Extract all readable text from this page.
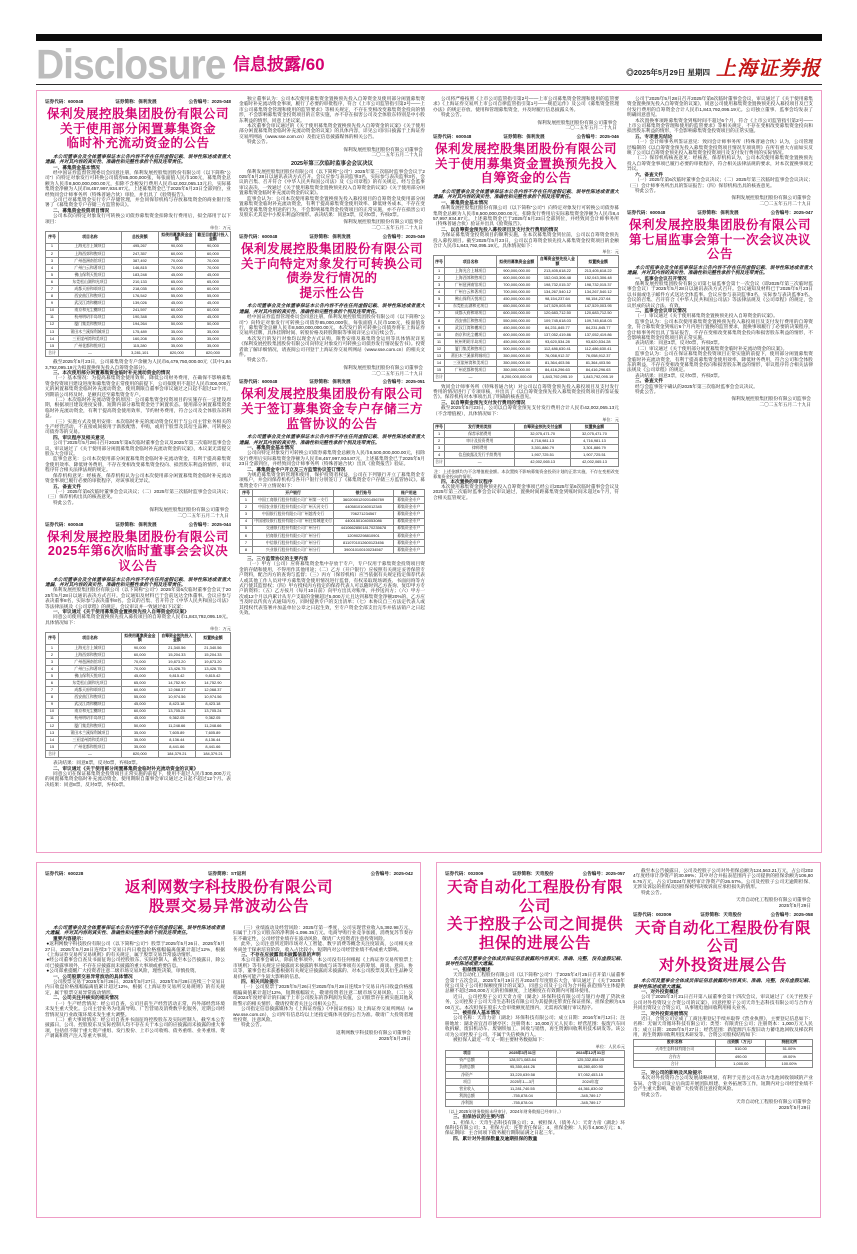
Disclosure 信息披露/60	◎2025年5月29日 星期四 上海证券报
证券代码：600048	证券简称：保利发展	公告编号：2025-048
保利发展控股集团股份有限公司
关于使用部分闲置募集资金
临时补充流动资金的公告
本公司董事会及全体董事保证本公告内容不存在任何虚假记载、误导性陈述或者重大遗漏，并对其内容的真实性、准确性和完整性承担个别及连带责任。
一、募集资金基本情况
经中国证券监督管理委员会同意注册，保利发展控股集团股份有限公司（以下简称“公司”）向特定对象发行可转换公司债券85,000,000张，每张面值人民币100元，募集资金总额为人民币8,500,000,000.00元，扣除不含税发行费用人民币42,002,065.13元后，实际募集资金净额为人民币8,457,997,934.87元。上述募集资金已于2025年5月23日全部到位，业经致同会计师事务所（特殊普通合伙）审验，并出具了《验资报告》。
公司已对募集资金实行专户存储管理，并会同保荐机构与存放募集资金的商业银行签署了《募集资金专户存储三方监管协议》。
二、募集资金投资项目情况
公司本次向特定对象发行可转换公司债券募集资金扣除发行费用后，拟全部用于以下项目：
单位：万元
序号	项目名称	总投资额	拟使用募集资金金额	截至目前累计投入金额
1	上海光合上城项目	495,267	90,000	90,000
2	上海西郊和煦项目	247,357	60,000	60,000
3	广州琶洲南馆项目	387,492	70,000	70,000
4	广州白云和著项目	146,815	70,000	70,000
5	佛山保利天悦项目	183,248	45,000	45,000
6	东莞松山湖和光项目	210,133	65,000	65,000
7	成都天府和颂项目	218,035	60,000	60,000
8	西安曲江和煦项目	176,542	55,000	55,000
9	武汉江湾和樾项目	139,026	45,000	45,000
10	南京和光尘樾项目	241,597	60,000	60,000
11	杭州明玥半岛项目	190,348	45,000	45,000
12	厦门集美和煦项目	194,264	50,000	50,000
13	莆田木兰溪保利城项目	175,489	35,000	35,000
14	三亚崖州湾和美项目	160,208	35,000	35,000
15	广州花都和悦项目	115,280	35,000	35,000
合计	—	3,281,101	820,000	820,000
截至2025年5月23日，公司募集资金专户余额为人民币6,479,750,000.00元（其中1,843,792,095.19元为拟置换预先投入自筹资金部分）。
三、本次使用部分闲置募集资金临时补充流动资金的情况
（一）基本情况：为提高募集资金使用效率，降低公司财务费用，在确保不影响募集资金投资项目建设进度和募集资金正常使用的前提下，公司拟使用不超过人民币300,000万元的闲置募集资金临时补充流动资金，使用期限自董事会审议通过之日起不超过12个月，到期前公司将及时、足额归还至募集资金专户。
（二）本次临时补充流动资金的原因：公司募集资金投资项目的实施存在一定建设周期，根据项目建设进度安排，短期内部分募集资金处于闲置状态。使用部分闲置募集资金临时补充流动资金，有利于提高资金使用效率，节约财务费用，符合公司及全体股东的利益。
（三）实施方式及使用安排：本次临时补充的流动资金仅用于与公司主营业务相关的生产经营活动，不直接或间接用于新股配售、申购，或用于股票及其衍生品种、可转换公司债券等的交易。
四、审议程序及相关意见
公司于2025年5月28日召开2025年第6次临时董事会会议及2025年第三次临时监事会会议，审议通过了《关于使用部分闲置募集资金临时补充流动资金的议案》，本议案无需提交股东大会审议。
监事会意见：公司本次使用部分闲置募集资金临时补充流动资金，有利于提高募集资金使用效率、降低财务费用，不存在变相改变募集资金投向、损害股东利益的情形，审议程序符合相关法律法规的规定。
保荐机构意见：经核查，保荐机构认为公司本次使用部分闲置募集资金临时补充流动资金事项已履行必要的审批程序，对该事项无异议。
五、备查文件
（一）2025年第6次临时董事会会议决议；（二）2025年第三次临时监事会会议决议；（三）保荐机构出具的核查意见。
特此公告。
保利发展控股集团股份有限公司董事会
二〇二五年五月二十九日
证券代码：600048	证券简称：保利发展	公告编号：2025-044
保利发展控股集团股份有限公司
2025年第6次临时董事会会议决议公告
本公司董事会及全体董事保证本公告内容不存在任何虚假记载、误导性陈述或者重大遗漏，并对其内容的真实性、准确性和完整性承担个别及连带责任。
保利发展控股集团股份有限公司（以下简称“公司”）2025年第6次临时董事会会议于2025年5月28日以通讯表决方式召开。会议通知及材料已于会前送达全体董事。会议应参与表决董事8名，实际参与表决董事8名。会议的召集、召开符合《中华人民共和国公司法》等法律法规及《公司章程》的规定，会议审议并一致通过如下议案：
一、审议通过《关于使用募集资金置换预先投入自筹资金的议案》
同意公司使用募集资金置换预先投入募投项目的自筹资金人民币1,843,792,095.19元。具体情况如下：
单位：万元
序号	项目名称	拟使用募集资金金额	自筹资金预先投入金额	拟置换金额
1	上海光合上城项目	90,000	21,340.56	21,340.56
2	上海西郊和煦项目	60,000	15,204.33	15,204.33
3	广州琶洲南馆项目	70,000	19,873.20	19,873.20
4	广州白云和著项目	70,000	13,426.75	13,426.75
5	佛山保利天悦项目	45,000	9,815.42	9,815.42
6	东莞松山湖和光项目	65,000	14,752.90	14,752.90
7	成都天府和颂项目	60,000	12,068.37	12,068.37
8	西安曲江和煦项目	55,000	10,974.56	10,974.56
9	武汉江湾和樾项目	45,000	8,423.18	8,423.18
10	南京和光尘樾项目	60,000	13,705.24	13,705.24
11	杭州明玥半岛项目	45,000	9,362.05	9,362.05
12	厦门集美和煦项目	50,000	11,248.66	11,248.66
13	莆田木兰溪保利城项目	35,000	7,605.89	7,605.89
14	三亚崖州湾和美项目	35,000	8,136.44	8,136.44
15	广州花都和悦项目	35,000	8,441.66	8,441.66
合计	—	820,000	184,379.21	184,379.21
表决结果：同意8票，反对0票，弃权0票。
二、审议通过《关于使用部分闲置募集资金临时补充流动资金的议案》
同意公司在保证募集资金投资项目正常实施的前提下，使用不超过人民币300,000万元的闲置募集资金临时补充流动资金，使用期限自董事会审议通过之日起不超过12个月。表决结果：同意8票，反对0票，弃权0票。
独立董事认为：公司本次使用募集资金置换预先投入自筹资金及使用部分闲置募集资金临时补充流动资金事项，履行了必要的审批程序，符合《上市公司监管指引第2号——上市公司募集资金管理和使用的监管要求》等相关规定，不存在变相改变募集资金投向的情形，不会影响募集资金投资项目的正常实施，亦不存在损害公司及全体股东特别是中小股东利益的情形，同意上述议案。
本次董事会审议通过的《关于使用募集资金置换预先投入自筹资金的议案》《关于使用部分闲置募集资金临时补充流动资金的议案》的具体内容，详见公司同日披露于上海证券交易所网站（www.sse.com.cn）及指定信息披露媒体的相关公告。
特此公告。
保利发展控股集团股份有限公司董事会
二〇二五年五月二十九日
2025年第三次临时监事会会议决议
保利发展控股集团股份有限公司（以下简称“公司”）2025年第三次临时监事会会议于2025年5月28日以通讯表决方式召开。会议应参与表决监事3名，实际参与表决监事3名，会议的召集、召开符合《中华人民共和国公司法》及《公司章程》的有关规定。经与会监事审议表决，一致通过《关于使用募集资金置换预先投入自筹资金的议案》《关于使用部分闲置募集资金临时补充流动资金的议案》。
监事会认为：公司本次使用募集资金置换预先投入募投项目的自筹资金及使用部分闲置募集资金临时补充流动资金，有利于提高募集资金使用效率、降低财务成本，不存在变相改变募集资金用途的行为，不会影响募集资金投资项目的正常实施，亦不存在损害公司及股东尤其是中小股东利益的情形。表决结果：同意3票，反对0票，弃权0票。
保利发展控股集团股份有限公司监事会
二〇二五年五月二十九日
证券代码：600048	证券简称：保利发展	公告编号：2025-049
保利发展控股集团股份有限公司
关于向特定对象发行可转换公司债券发行情况的
提示性公告
本公司董事会及全体董事保证本公告内容不存在任何虚假记载、误导性陈述或者重大遗漏，并对其内容的真实性、准确性和完整性承担个别及连带责任。
经中国证券监督管理委员会同意注册，保利发展控股集团股份有限公司（以下简称“公司”）向特定对象发行可转换公司债券85,000,000张，每张面值人民币100元，按面值发行，募集资金总额人民币8,500,000,000.00元。本次发行的可转换公司债券将在上海证券交易所挂牌，具体挂牌时间、转股价格及转股期限等事项详见公司后续公告。
本次发行的发行对象均以现金方式认购，限售安排及募集资金运用等具体情况详见《保利发展控股集团股份有限公司向特定对象发行可转换公司债券发行情况报告书》。投资者欲了解详细情况，请查阅公司刊登于上海证券交易所网站（www.sse.com.cn）的相关文件。
特此公告。
保利发展控股集团股份有限公司董事会
二〇二五年五月二十九日
证券代码：600048	证券简称：保利发展	公告编号：2025-051
保利发展控股集团股份有限公司
关于签订募集资金专户存储三方监管协议的公告
本公司董事会及全体董事保证本公告内容不存在任何虚假记载、误导性陈述或者重大遗漏，并对其内容的真实性、准确性和完整性承担个别及连带责任。
一、募集资金基本情况
公司向特定对象发行可转换公司债券募集资金总额为人民币8,500,000,000.00元，扣除发行费用后实际募集资金净额为人民币8,457,997,934.87元，上述募集资金已于2025年5月23日全部到位，并经致同会计师事务所（特殊普通合伙）出具《验资报告》验证。
二、募集资金专户开立及三方监管协议签订情况
为规范募集资金的管理和使用，保护投资者权益，公司在下列银行开立了募集资金专项账户，并会同保荐机构与各开户银行分别签订了《募集资金专户存储三方监管协议》。募集资金专户开立情况如下：
序号	开户银行	银行账号	账户用途
1	中国工商银行股份有限公司广州第一支行	3602000129201456789	募集资金专户
2	中国农业银行股份有限公司广州天河支行	44058101040012345	募集资金专户
3	中国银行股份有限公司广州越秀支行	706271234567	募集资金专户
4	中国建设银行股份有限公司广州住房城建支行	44001501040053086	募集资金专户
5	交通银行股份有限公司广州分行	441066285018170235678	募集资金专户
6	招商银行股份有限公司广州分行	120902298810901	募集资金专户
7	中信银行股份有限公司广州分行	8110701012600123456	募集资金专户
8	兴业银行股份有限公司广州分行	390010100100234567	募集资金专户
三、三方监管协议的主要内容
（一）甲方（公司）应将募集资金集中存放于专户，专户仅用于募集资金投资项目资金的存储和使用，不得用作其他用途；（二）乙方（开户银行）应按照有关规定妥善保管专户资料，配合丙方的查询与监督；（三）丙方（保荐机构）应当依据有关规定指定保荐代表人或其他工作人员对甲方募集资金使用情况进行监督，有权采取现场调查、书面问询等方式行使其监督权；（四）甲方授权丙方指定的保荐代表人可以随时到乙方查询、复印甲方专户的资料；（五）乙方按月（每月10日前）向甲方出具对账单，并抄送丙方；（六）甲方一次或12个月以内累计从专户支取的金额超过5,000万元且达到募集资金净额20%的，乙方应当及时以传真方式通知丙方，同时提供专户的支出清单；（七）本协议自三方法定代表人或其授权代表签署并加盖单位公章之日起生效，至专户资金全部支出完毕并依法销户之日起失效。
公司将严格按照《上市公司监管指引第2号——上市公司募集资金管理和使用的监管要求》《上海证券交易所上市公司自律监管指引第1号——规范运作》及公司《募集资金管理办法》的规定存放、使用和管理募集资金，并及时履行信息披露义务。
特此公告。
保利发展控股集团股份有限公司董事会
二〇二五年五月二十九日
证券代码：600048	证券简称：保利发展	公告编号：2025-046
保利发展控股集团股份有限公司
关于使用募集资金置换预先投入自筹资金的公告
本公司董事会及全体董事保证本公告内容不存在任何虚假记载、误导性陈述或者重大遗漏，并对其内容的真实性、准确性和完整性承担个别及连带责任。
一、募集资金基本情况
保利发展控股集团股份有限公司（以下简称“公司”）向特定对象发行可转换公司债券募集资金总额为人民币8,500,000,000.00元，扣除发行费用后实际募集资金净额为人民币8,457,997,934.87元。上述募集资金已于2025年5月23日全部到位，并经致同会计师事务所（特殊普通合伙）验证并出具《验资报告》。
二、以自筹资金预先投入募投项目及支付发行费用的情况
为保证募集资金投资项目的顺利实施，在本次募集资金到位前，公司以自筹资金预先投入募投项目。截至2025年5月23日，公司以自筹资金预先投入募集资金投资项目的金额合计人民币1,843,792,095.19元。具体情况如下：
单位：元
序号	项目名称	拟使用募集资金金额	自筹资金预先投入金额	拟置换金额
1	上海光合上城项目	900,000,000.00	213,405,618.22	213,405,618.22
2	上海西郊和煦项目	600,000,000.00	152,043,306.48	152,043,306.48
3	广州琶洲南馆项目	700,000,000.00	198,732,015.37	198,732,015.37
4	广州白云和著项目	700,000,000.00	134,267,540.12	134,267,540.12
5	佛山保利天悦项目	450,000,000.00	98,154,237.64	98,154,237.64
6	东莞松山湖和光项目	650,000,000.00	147,529,003.95	147,529,003.95
7	成都天府和颂项目	600,000,000.00	120,683,712.50	120,683,712.50
8	西安曲江和煦项目	550,000,000.00	109,745,618.03	109,745,618.03
9	武汉江湾和樾项目	450,000,000.00	84,231,845.77	84,231,845.77
10	南京和光尘樾项目	600,000,000.00	137,052,419.86	137,052,419.86
11	杭州明玥半岛项目	450,000,000.00	93,620,534.28	93,620,534.28
12	厦门集美和煦项目	500,000,000.00	112,486,630.41	112,486,630.41
13	莆田木兰溪保利城项目	350,000,000.00	76,058,912.37	76,058,912.37
14	三亚崖州湾和美项目	350,000,000.00	81,364,403.56	81,364,403.56
15	广州花都和悦项目	350,000,000.00	84,416,296.63	84,416,296.63
合计	—	8,200,000,000.00	1,843,792,095.19	1,843,792,095.19
致同会计师事务所（特殊普通合伙）对公司以自筹资金预先投入募投项目及支付发行费用的情况进行了专项审核，并出具了《以自筹资金预先投入募集资金投资项目的鉴证报告》。保荐机构对本事项出具了明确的核查意见。
三、以自筹资金预先支付发行费用的情况
截至2025年5月23日，公司以自筹资金预先支付发行费用合计人民币42,002,065.13元（不含增值税），具体情况如下：
单位：元
序号	发行费用类别	自筹资金预先支付金额	拟置换金额
1	保荐承销费用	32,075,471.70	32,075,471.70
2	审计及验资费用	4,716,981.13	4,716,981.13
3	律师费用	3,301,886.79	3,301,886.79
4	信息披露及发行手续费用	1,907,725.51	1,907,725.51
合计	—	42,002,065.13	42,002,065.13
注：上述金额均为不含增值税金额。本次置换不影响募集资金投资计划的正常实施，不存在变相改变募集资金投向的情形。
四、本次置换的审议程序
本次使用募集资金置换预先投入自筹资金事项已经公司2025年第6次临时董事会会议及2025年第三次临时监事会会议审议通过，置换时间距募集资金到账时间未超过6个月，符合相关监管规定。
公司于2025年5月28日召开2025年第6次临时董事会会议，审议通过了《关于使用募集资金置换预先投入自筹资金的议案》，同意公司使用募集资金置换预先投入募投项目及已支付发行费用的自筹资金合计人民币1,843,792,095.19元。公司独立董事、监事会均发表了明确同意意见。
本次置换事项距募集资金到账时间不超过6个月，符合《上市公司监管指引第2号——上市公司募集资金管理和使用的监管要求》等相关规定，不存在变相改变募集资金投向和损害股东利益的情形，不会影响募集资金投资项目的正常实施。
五、专项意见结论
（一）会计师事务所鉴证意见：致同会计师事务所（特殊普通合伙）认为，公司管理层编制的《以自筹资金预先投入募集资金投资项目情况专项说明》在所有重大方面如实反映了公司以自筹资金预先投入募集资金投资项目及支付发行费用的实际情况。
（二）保荐机构核查意见：经核查，保荐机构认为，公司本次使用募集资金置换预先投入自筹资金事项已履行必要的审批程序，符合相关法律法规的要求，对本次置换事项无异议。
六、备查文件
（一）2025年第6次临时董事会会议决议；（二）2025年第三次临时监事会会议决议；（三）会计师事务所出具的鉴证报告；（四）保荐机构出具的核查意见。
特此公告。
保利发展控股集团股份有限公司董事会
二〇二五年五月二十九日
证券代码：600048	证券简称：保利发展	公告编号：2025-047
保利发展控股集团股份有限公司
第七届监事会第十一次会议决议公告
本公司监事会及全体监事保证本公告内容不存在任何虚假记载、误导性陈述或者重大遗漏，并对其内容的真实性、准确性和完整性承担个别及连带责任。
一、监事会会议召开情况
保利发展控股集团股份有限公司第七届监事会第十一次会议（即2025年第三次临时监事会会议）于2025年5月28日以通讯表决方式召开。会议通知及材料已于2025年5月23日以书面或电子邮件方式送达全体监事。会议应参与表决监事3名，实际参与表决监事3名。会议的召集、召开符合《中华人民共和国公司法》等法律法规及《公司章程》的规定，会议形成的决议合法、有效。
二、监事会会议审议情况
（一）审议通过《关于使用募集资金置换预先投入自筹资金的议案》。
监事会认为：公司本次使用募集资金置换预先投入募投项目及支付发行费用的自筹资金，符合募集资金到账后6个月内进行置换的监管要求，置换事项履行了必要的决策程序，会计师事务所出具了鉴证报告，不存在变相改变募集资金投向和损害股东利益的情形，不会影响募集资金投资项目的正常实施。
表决结果：同意3票，反对0票，弃权0票。
（二）审议通过《关于使用部分闲置募集资金临时补充流动资金的议案》。
监事会认为：公司在保证募集资金投资项目正常实施的前提下，使用部分闲置募集资金临时补充流动资金，有利于提高募集资金使用效率，降低财务费用，符合公司和全体股东的利益，不存在变相改变募集资金投向和损害股东利益的情形，审议程序符合相关法律法规及《公司章程》的规定。
表决结果：同意3票，反对0票，弃权0票。
三、备查文件
经与会监事签字确认的2025年第三次临时监事会会议决议。
特此公告。
保利发展控股集团股份有限公司监事会
二〇二五年五月二十九日
证券代码：600228	证券简称：ST返利	公告编号：2025-042
返利网数字科技股份有限公司
股票交易异常波动公告
本公司董事会及全体董事保证本公告内容不存在任何虚假记载、误导性陈述或者重大遗漏，并对其内容的真实性、准确性和完整性承担个别及连带责任。
重要内容提示：
●返利网数字科技股份有限公司（以下简称“公司”）股票于2025年5月26日、2025年5月27日、2025年5月28日连续3个交易日内日收盘价格涨幅偏离值累计超过12%，根据《上海证券交易所交易规则》的有关规定，属于股票交易异常波动情形。
●经公司董事会自查及书面征询公司控股股东、实际控制人，截至本公告披露日，除公司已披露事项外，不存在应披露而未披露的重大事项或重要信息。
●公司郑重提醒广大投资者注意二级市场交易风险，理性决策，审慎投资。
一、公司股票交易异常波动的具体情况
公司股票交易于2025年5月26日、2025年5月27日、2025年5月28日连续三个交易日内日收盘价格涨幅偏离值累计超过12%，根据《上海证券交易所交易规则》的有关规定，属于股票交易异常波动情形。
二、公司关注并核实的相关情况
（一）生产经营情况：经公司自查，公司目前生产经营活动正常，内外部经营环境未发生重大变化。公司主营业务为电商导购、广告营销及消费数字化服务，近期公司经营情况及行业政策环境未发生重大调整。
（二）重大事项情况：经公司自查并书面征询控股股东及实际控制人，截至本公告披露日，公司、控股股东及实际控制人均不存在关于本公司的应披露而未披露的重大事项，包括但不限于重大资产重组、发行股份、上市公司收购、债务重组、业务重组、资产剥离和资产注入等重大事项。
（三）业绩波动及经营风险：2025年第一季度，公司实现营业收入5,392.98万元，归属于上市公司股东的净利润-1,096.35万元。电商导购行业竞争加剧，消费复苏节奏存在不确定性，公司经营业绩存在波动风险，敬请广大投资者注意投资风险。
此外，公司注意到近期市场对人工智能、数字消费等概念关注度较高，公司相关业务尚处于探索培育阶段，收入占比较小，短期内对公司经营业绩不构成重大影响。
三、不存在应披露而未披露信息的声明
本公司董事会确认，除前述事项外，本公司没有任何根据《上海证券交易所股票上市规则》等有关规定应披露而未披露的事项或与该等事项有关的筹划、商谈、意向、协议等，董事会也未获悉根据有关规定应披露而未披露的、对本公司股票及其衍生品种交易价格可能产生较大影响的信息。
四、相关风险提示
（一）公司股票于2025年5月26日至2025年5月28日连续3个交易日内日收盘价格涨幅偏离值累计超过12%，短期涨幅较大，敬请投资者注意二级市场交易风险。（二）公司2024年度经审计的归属于上市公司股东的净利润为负值，公司股票存在被实施其他风险警示的相关情形，敬请投资者关注公司相关公告。
公司指定信息披露媒体为《上海证券报》《中国证券报》及上海证券交易所网站（www.sse.com.cn），公司所有信息均以上述指定媒体刊登的公告为准。敬请广大投资者理性投资，注意风险。
特此公告。
返利网数字科技股份有限公司董事会
2025年5月29日
证券代码：002009	证券简称：天奇股份	公告编号：2025-057
天奇自动化工程股份有限公司
关于控股子公司之间提供担保的进展公告
本公司及董事会全体成员保证信息披露的内容真实、准确、完整，没有虚假记载、误导性陈述或重大遗漏。
一、担保情况概述
天奇自动化工程股份有限公司（以下简称“公司”）于2025年4月25日召开第八届董事会第十五次会议、2025年5月19日召开2024年年度股东大会，审议通过了《关于2025年度公司及子公司担保额度预计的议案》，同意公司及子公司为合并报表范围内主体提供总额不超过250,000万元的担保额度，上述额度在有效期内可循环使用。
近日，公司控股子公司天奇力帝（湖北）环保科技有限公司与银行办理了贷款业务，公司控股子公司天奇生态科技有限公司为其提供连带责任保证担保，担保金额为4,500万元。本次担保在股东大会审批额度范围内，无需再次履行审议程序。
二、被担保人基本情况
公司名称：天奇力帝（湖北）环保科技有限公司；成立日期：2016年8月12日；注册地址：湖北省宜昌市猇亭区；注册资本：10,000万元人民币；经营范围：报废汽车回收拆解，废旧机动车、废钢铁加工、回收与销售，再生资源回收利用技术研发等。该公司为公司控股子公司，不属于失信被执行人。
被担保人最近一年又一期主要财务数据如下：
单位：人民币元
项目	2025年3月31日	2024年12月31日
资产总额	128,571,083.84	125,332,854.05
负债总额	95,350,444.26	68,280,400.90
净资产	33,220,639.58	57,052,453.15
项目	2025年1—3月	2024年度
营业收入	11,281,740.55	44,361,830.02
利润总额	-755,878.04	-345,789.17
净利润	-755,878.04	-345,789.17
（以上2025年财务数据未经审计，2024年财务数据已经审计。）
三、担保协议的主要内容
1、担保人：天奇生态科技有限公司；2、被担保人（债务人）：天奇力帝（湖北）环保科技有限公司；3、担保方式：连带责任保证；4、担保金额：人民币4,500万元；5、保证期间：主合同项下债务履行期限届满之日起三年。
四、累计对外担保数量及逾期担保的数量
截至本公告披露日，公司及控股子公司对外担保总额为124,563.21万元，占公司2024年度经审计净资产的30.99%；其中对合并报表范围内子公司提供的担保余额为106,806.76万元，占公司2024年度经审计净资产的26.57%。公司及控股子公司无逾期担保、无涉及诉讼的担保及因担保被判决败诉而应承担损失的情形。
特此公告。
天奇自动化工程股份有限公司董事会
2025年5月29日
证券代码：002009	证券简称：天奇股份	公告编号：2025-058
天奇自动化工程股份有限公司
对外投资进展公告
本公司及董事会全体成员保证信息披露的内容真实、准确、完整，没有虚假记载、误导性陈述或重大遗漏。
一、对外投资概述
公司于2025年3月21日召开第八届董事会第十四次会议，审议通过了《关于控股子公司对外投资设立合资公司的议案》，同意控股子公司天奇生态科技有限公司与合作方共同出资设立合资公司，从事锂电池回收利用相关业务。
二、对外投资进展情况
近日，合资公司完成了工商注册登记手续并取得《营业执照》，主要登记信息如下：名称：无锡天奇循环科技有限公司；类型：有限责任公司；注册资本：1,000万元人民币；成立日期：2025年5月27日；经营范围：新能源汽车废旧动力蓄电池回收及梯次利用，再生资源回收利用技术研发等。合资公司股权结构如下：
股东名称	出资额（万元）	持股比例
天奇生态科技有限公司	510.00	51.00%
合作方	490.00	49.00%
合计	1,000.00	100.00%
三、对公司的影响及风险提示
本次对外投资符合公司发展战略规划，有利于完善公司在动力电池回收领域的产业布局。合资公司设立后尚需开展团队组建、业务拓展等工作，短期内对公司经营业绩不会产生重大影响，敬请广大投资者注意投资风险。
特此公告。
天奇自动化工程股份有限公司董事会
2025年5月29日
